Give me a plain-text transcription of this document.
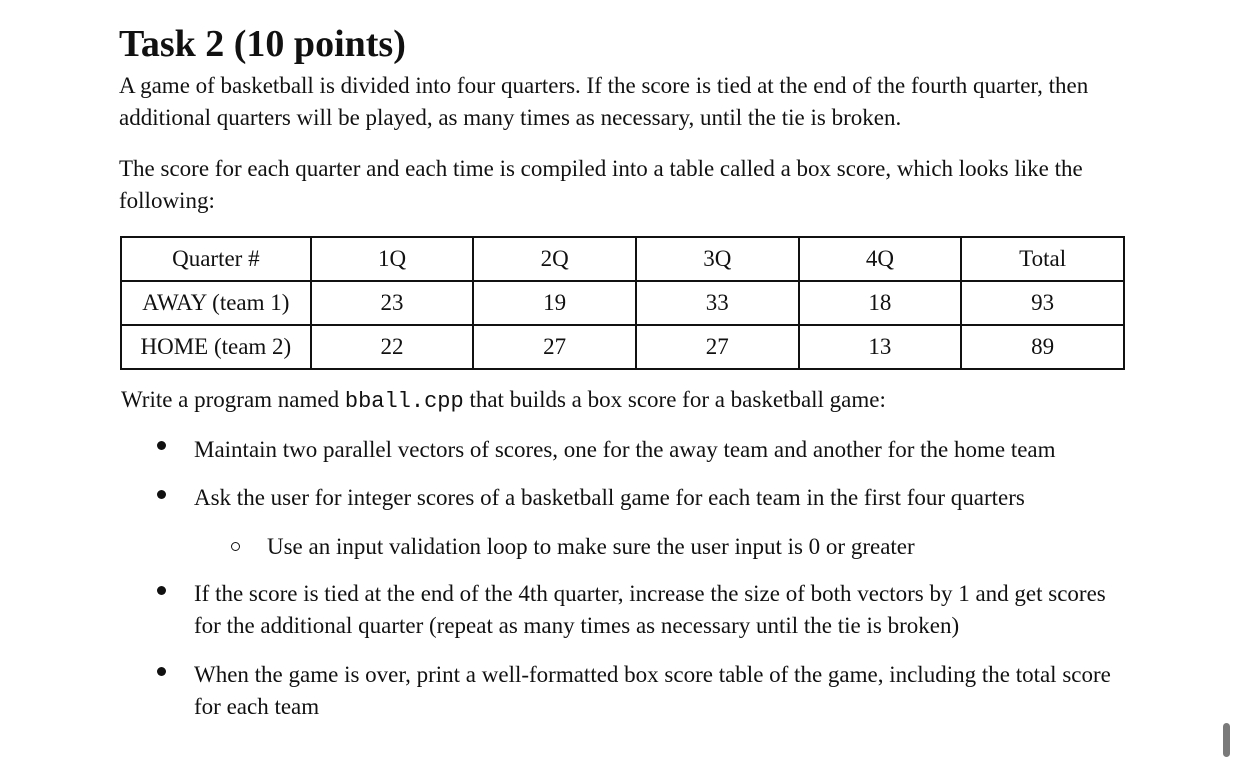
Task 2 (10 points)

A game of basketball is divided into four quarters. If the score is tied at the end of the fourth quarter, then additional quarters will be played, as many times as necessary, until the tie is broken.

The score for each quarter and each time is compiled into a table called a box score, which looks like the following:

Quarter #	1Q	2Q	3Q	4Q	Total
AWAY (team 1)	23	19	33	18	93
HOME (team 2)	22	27	27	13	89

Write a program named bball.cpp that builds a box score for a basketball game:

Maintain two parallel vectors of scores, one for the away team and another for the home team

Ask the user for integer scores of a basketball game for each team in the first four quarters

Use an input validation loop to make sure the user input is 0 or greater

If the score is tied at the end of the 4th quarter, increase the size of both vectors by 1 and get scores for the additional quarter (repeat as many times as necessary until the tie is broken)

When the game is over, print a well-formatted box score table of the game, including the total score for each team
